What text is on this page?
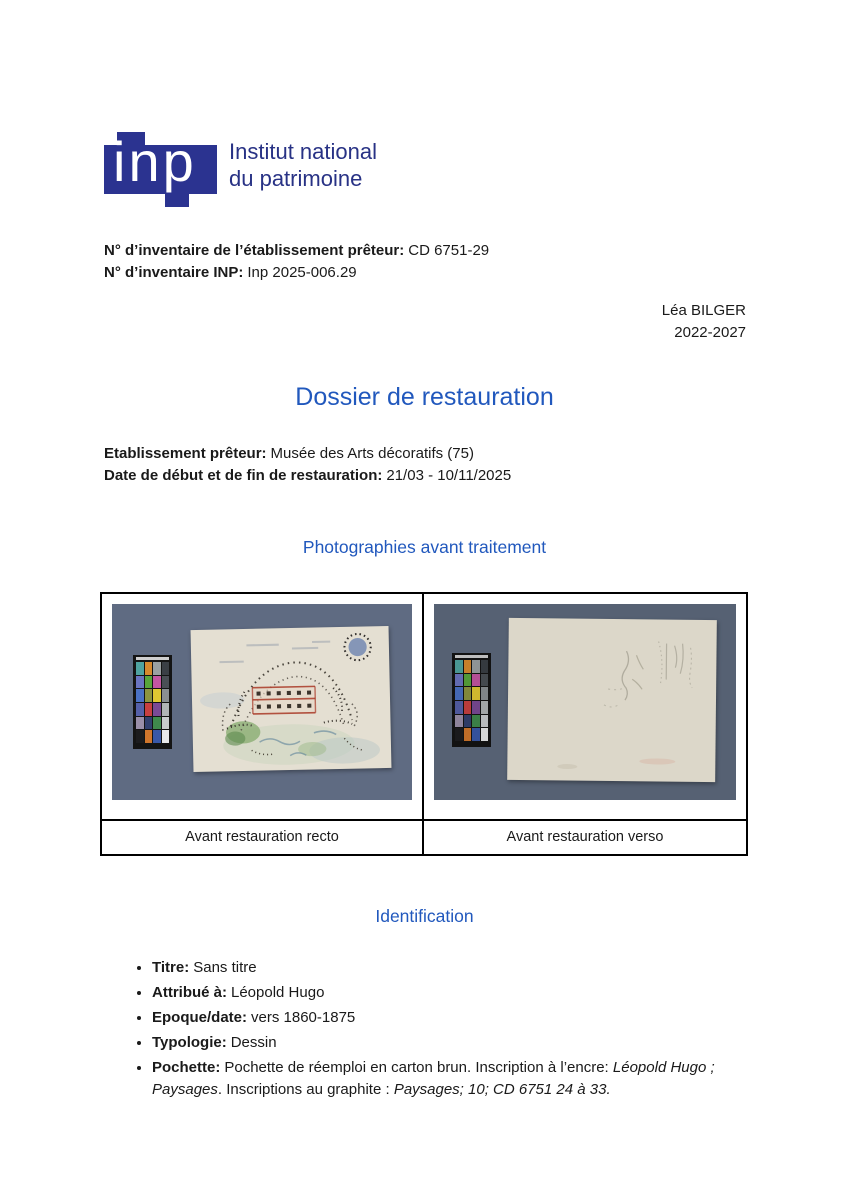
inp Institut national
du patrimoine
N° d’inventaire de l’établissement prêteur: CD 6751-29
N° d’inventaire INP: Inp 2025-006.29
Léa BILGER
2022-2027
Dossier de restauration
Etablissement prêteur: Musée des Arts décoratifs (75)
Date de début et de fin de restauration: 21/03 - 10/11/2025
Photographies avant traitement
Avant restauration recto	Avant restauration verso
Identification
• Titre: Sans titre
• Attribué à: Léopold Hugo
• Epoque/date: vers 1860-1875
• Typologie: Dessin
• Pochette: Pochette de réemploi en carton brun. Inscription à l’encre: Léopold Hugo ; Paysages. Inscriptions au graphite : Paysages; 10; CD 6751 24 à 33.
